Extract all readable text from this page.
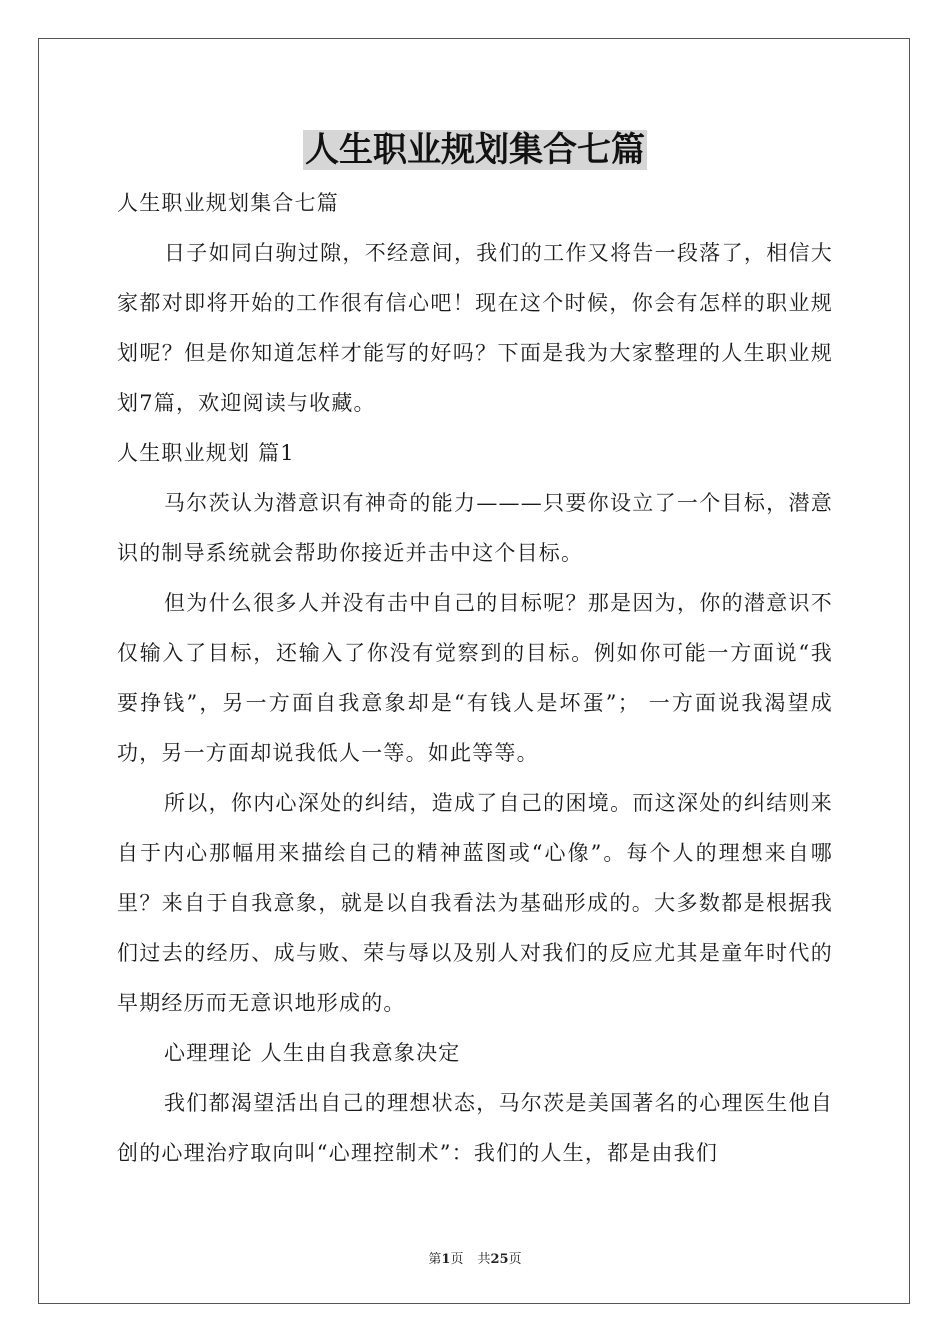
人生职业规划集合七篇

人生职业规划集合七篇

日子如同白驹过隙，不经意间，我们的工作又将告一段落了，相信大家都对即将开始的工作很有信心吧！现在这个时候，你会有怎样的职业规划呢？但是你知道怎样才能写的好吗？下面是我为大家整理的人生职业规划7篇，欢迎阅读与收藏。

人生职业规划 篇1

马尔茨认为潜意识有神奇的能力———只要你设立了一个目标，潜意识的制导系统就会帮助你接近并击中这个目标。

但为什么很多人并没有击中自己的目标呢？那是因为，你的潜意识不仅输入了目标，还输入了你没有觉察到的目标。例如你可能一方面说“我要挣钱”，另一方面自我意象却是“有钱人是坏蛋”； 一方面说我渴望成功，另一方面却说我低人一等。如此等等。

所以，你内心深处的纠结，造成了自己的困境。而这深处的纠结则来自于内心那幅用来描绘自己的精神蓝图或“心像”。每个人的理想来自哪里？来自于自我意象，就是以自我看法为基础形成的。大多数都是根据我们过去的经历、成与败、荣与辱以及别人对我们的反应尤其是童年时代的早期经历而无意识地形成的。

心理理论 人生由自我意象决定

我们都渴望活出自己的理想状态，马尔茨是美国著名的心理医生他自创的心理治疗取向叫“心理控制术”：我们的人生，都是由我们

第1页 共25页
